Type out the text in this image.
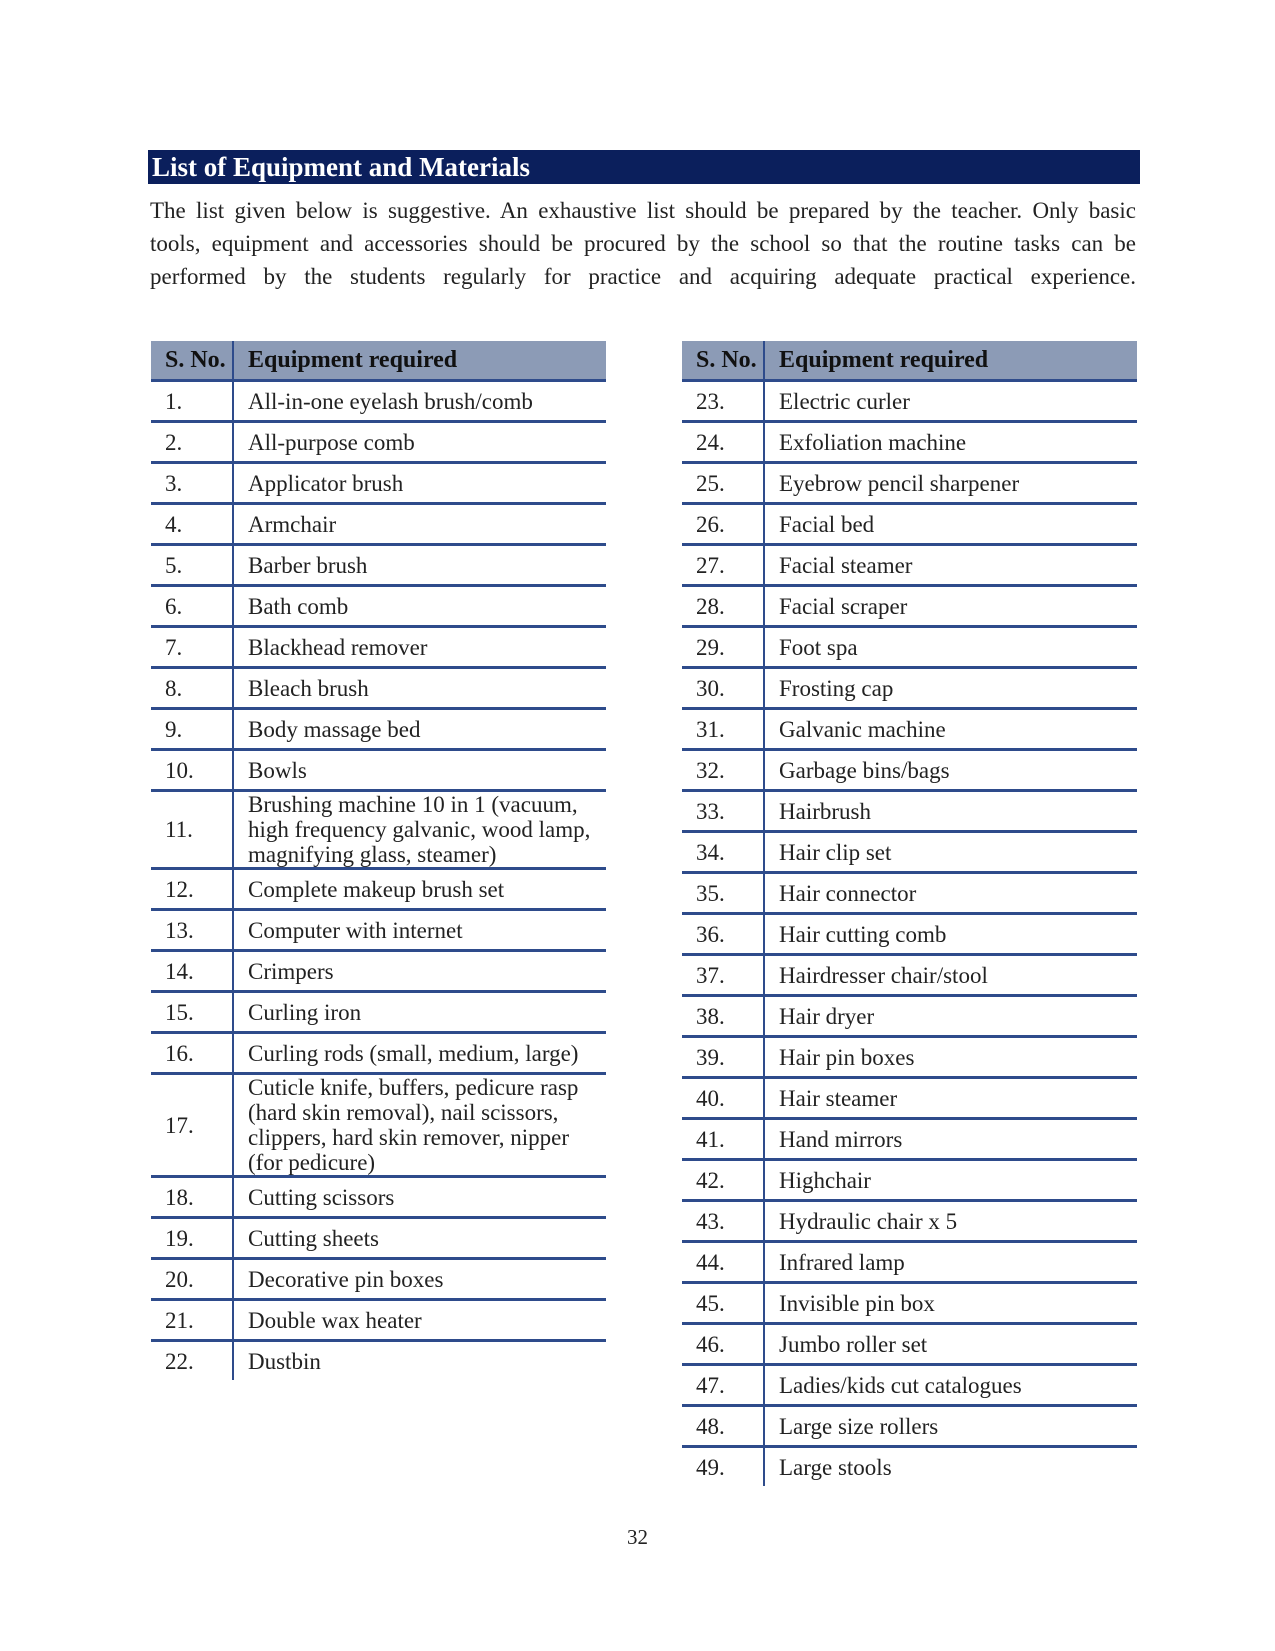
List of Equipment and Materials
The list given below is suggestive. An exhaustive list should be prepared by the teacher. Only basic
tools, equipment and accessories should be procured by the school so that the routine tasks can be
performed by the students regularly for practice and acquiring adequate practical experience.
S. No.	Equipment required
1.	All-in-one eyelash brush/comb
2.	All-purpose comb
3.	Applicator brush
4.	Armchair
5.	Barber brush
6.	Bath comb
7.	Blackhead remover
8.	Bleach brush
9.	Body massage bed
10.	Bowls
11.	Brushing machine 10 in 1 (vacuum, high frequency galvanic, wood lamp, magnifying glass, steamer)
12.	Complete makeup brush set
13.	Computer with internet
14.	Crimpers
15.	Curling iron
16.	Curling rods (small, medium, large)
17.	Cuticle knife, buffers, pedicure rasp (hard skin removal), nail scissors, clippers, hard skin remover, nipper (for pedicure)
18.	Cutting scissors
19.	Cutting sheets
20.	Decorative pin boxes
21.	Double wax heater
22.	Dustbin
S. No.	Equipment required
23.	Electric curler
24.	Exfoliation machine
25.	Eyebrow pencil sharpener
26.	Facial bed
27.	Facial steamer
28.	Facial scraper
29.	Foot spa
30.	Frosting cap
31.	Galvanic machine
32.	Garbage bins/bags
33.	Hairbrush
34.	Hair clip set
35.	Hair connector
36.	Hair cutting comb
37.	Hairdresser chair/stool
38.	Hair dryer
39.	Hair pin boxes
40.	Hair steamer
41.	Hand mirrors
42.	Highchair
43.	Hydraulic chair x 5
44.	Infrared lamp
45.	Invisible pin box
46.	Jumbo roller set
47.	Ladies/kids cut catalogues
48.	Large size rollers
49.	Large stools
32
